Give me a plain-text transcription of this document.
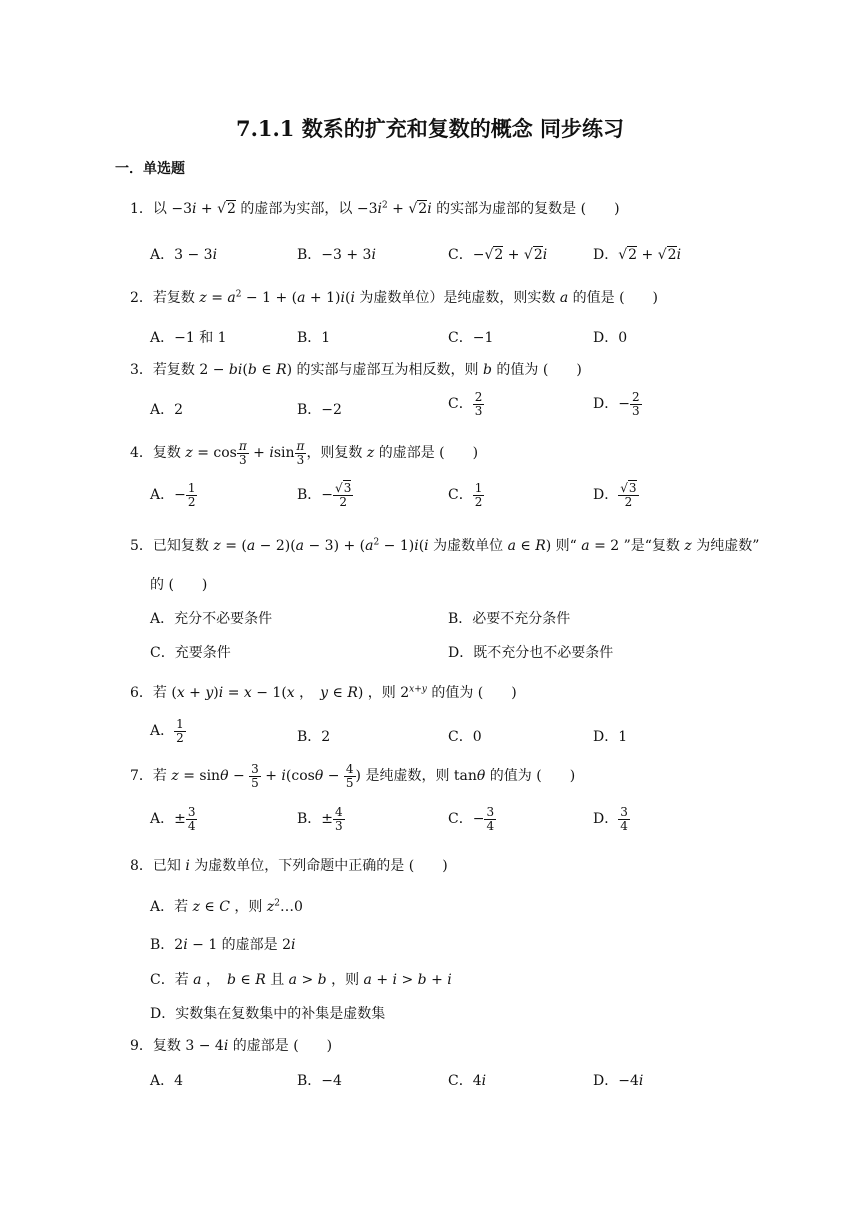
7.1.1 数系的扩充和复数的概念 同步练习
一．单选题
1．以 −3i + √2 的虚部为实部，以 $-3i^2 + √2i$ 的实部为虚部的复数是 (　　)
A．3 − 3i	B．−3 + 3i	C．−√2 + √2i	D．√2 + √2i
2．若复数 $z = a^2 - 1 + (a + 1)i(i$ 为虚数单位）是纯虚数，则实数 a 的值是 (　　)
A．−1 和 1	B．1	C．−1	D．0
3．若复数 2 − bi(b ∈ R) 的实部与虚部互为相反数，则 b 的值为 (　　)
A．2	B．−2	C． $\frac{2}{3}$	D．− $\frac{2}{3}$
4．复数 $z = \cos \frac{\pi}{3} + isin \frac{\pi}{3}$ ，则复数 z 的虚部是 (　　)
A．− $\frac{1}{2}$	B．− $\frac{√3}{2}$	C． $\frac{1}{2}$	D． $\frac{√3}{2}$
5．已知复数 $z = (a - 2)(a - 3) + (a^2 - 1)i(i$ 为虚数单位 a ∈ R) 则“ a = 2 ”是“复数 z 为纯虚数”
的 (　　)
A．充分不必要条件	B．必要不充分条件
C．充要条件	D．既不充分也不必要条件
6．若 (x + y)i = x − 1(x ，　y ∈ R) ，则 $2^{x+y}$ 的值为 (　　)
A． $\frac{1}{2}$	B．2	C．0	D．1
7．若 $z = \sin\theta - \frac{3}{5} + i(\cos\theta - \frac{4}{5}$ ) 是纯虚数，则 tanθ 的值为 (　　)
A．± $\frac{3}{4}$	B．± $\frac{4}{3}$	C．− $\frac{3}{4}$	D． $\frac{3}{4}$
8．已知 i 为虚数单位，下列命题中正确的是 (　　)
A．若 z ∈ C ，则 $z^2\dots 0$
B．2i − 1 的虚部是 2i
C．若 a ，　b ∈ R 且 a > b ，则 a + i > b + i
D．实数集在复数集中的补集是虚数集
9．复数 3 − 4i 的虚部是 (　　)
A．4	B．−4	C．4i	D．−4i
